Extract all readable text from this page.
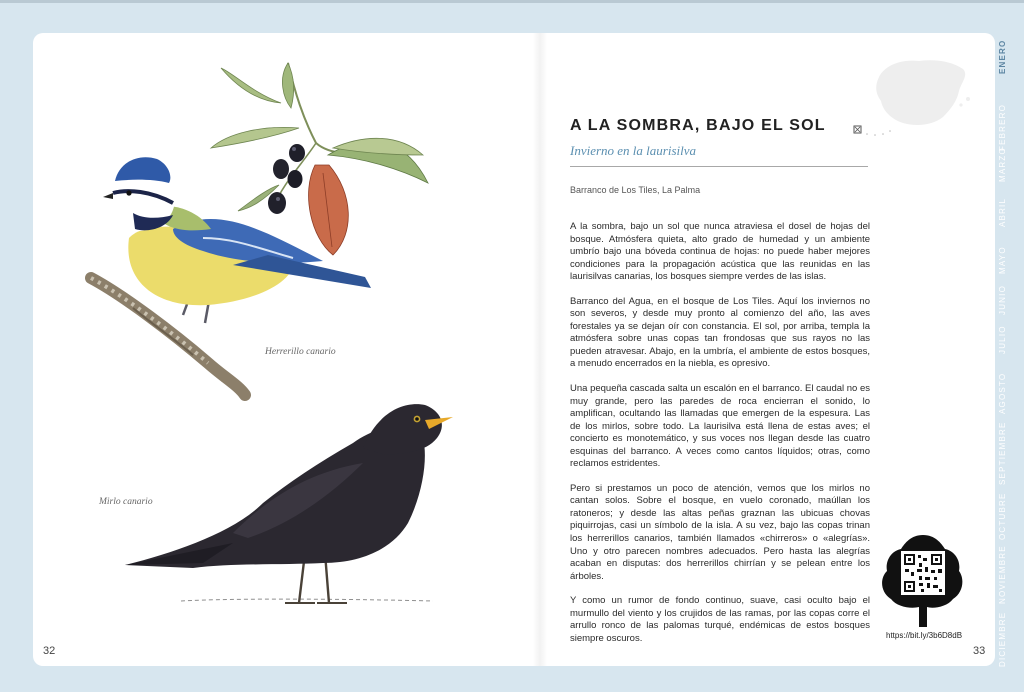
Herrerillo canario
Mirlo canario
32
A LA SOMBRA, BAJO EL SOL
Invierno en la laurisilva
Barranco de Los Tiles, La Palma

A la sombra, bajo un sol que nunca atraviesa el dosel de hojas del bosque. Atmósfera quieta, alto grado de humedad y un ambiente umbrío bajo una bóveda continua de hojas: no puede haber mejores condiciones para la propagación acústica que las reunidas en las laurisilvas canarias, los bosques siempre verdes de las islas.

Barranco del Agua, en el bosque de Los Tiles. Aquí los inviernos no son severos, y desde muy pronto al comienzo del año, las aves forestales ya se dejan oír con constancia. El sol, por arriba, templa la atmósfera sobre unas copas tan frondosas que sus rayos no las pueden atravesar. Abajo, en la umbría, el ambiente de estos bosques, a menudo encerrados en la niebla, es opresivo.

Una pequeña cascada salta un escalón en el barranco. El caudal no es muy grande, pero las paredes de roca encierran el sonido, lo amplifican, ocultando las llamadas que emergen de la espesura. Las de los mirlos, sobre todo. La laurisilva está llena de estas aves; el concierto es monotemático, y sus voces nos llegan desde las cuatro esquinas del barranco. A veces como cantos líquidos; otras, como reclamos estridentes.

Pero si prestamos un poco de atención, vemos que los mirlos no cantan solos. Sobre el bosque, en vuelo coronado, maúllan los ratoneros; y desde las altas peñas graznan las ubicuas chovas piquirrojas, casi un símbolo de la isla. A su vez, bajo las copas trinan los herrerillos canarios, también llamados «chirreros» o «alegrías». Uno y otro parecen nombres adecuados. Pero hasta las alegrías acaban en disputas: dos herrerillos chirrían y se pelean entre los árboles.

Y como un rumor de fondo continuo, suave, casi oculto bajo el murmullo del viento y los crujidos de las ramas, por las copas corre el arrullo ronco de las palomas turqué, endémicas de estos bosques siempre oscuros.	https://bit.ly/3b6D8dB
33
ENERO
FEBRERO
MARZO
ABRIL
MAYO
JUNIO
JULIO
AGOSTO
SEPTIEMBRE
OCTUBRE
NOVIEMBRE
DICIEMBRE
